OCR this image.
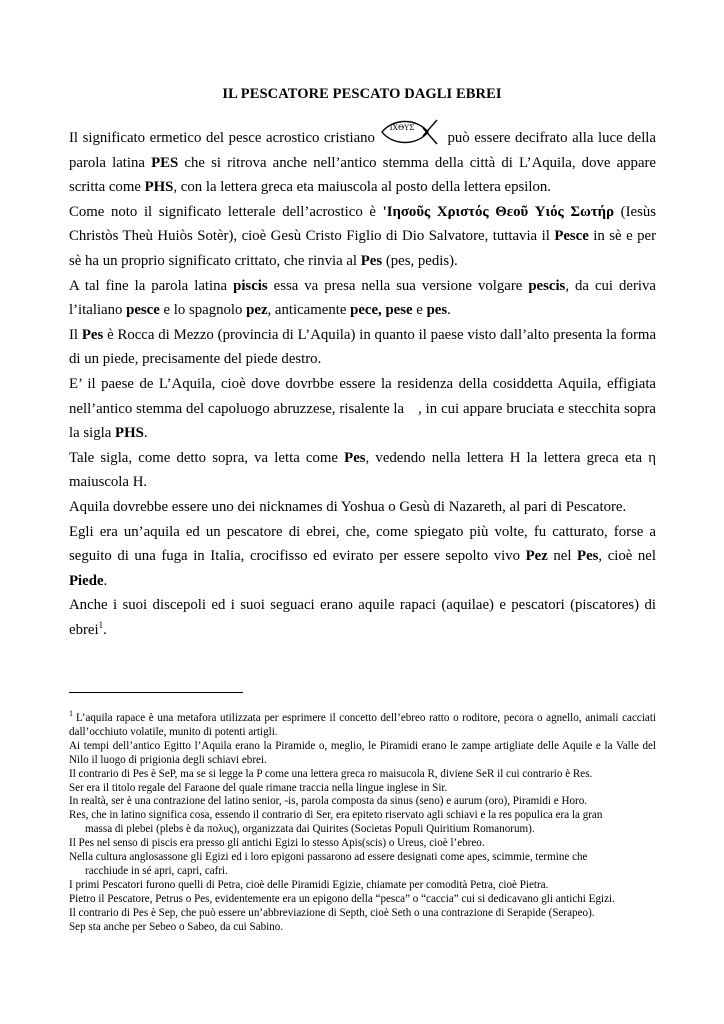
IL PESCATORE PESCATO DAGLI EBREI

Il significato ermetico del pesce acrostico cristiano
IXΘYΣ
può essere decifrato alla luce della parola latina PES che si ritrova anche nell’antico stemma della città di L’Aquila, dove appare scritta come PHS, con la lettera greca eta maiuscola al posto della lettera epsilon.

Come noto il significato letterale dell’acrostico è 'Iησοῦς Xριστός Θεοῦ Yιός Σωτήρ (Iesùs Christòs Theù Huiòs Sotèr), cioè Gesù Cristo Figlio di Dio Salvatore, tuttavia il Pesce in sè e per sè ha un proprio significato crittato, che rinvia al Pes (pes, pedis).

A tal fine la parola latina piscis essa va presa nella sua versione volgare pescis, da cui deriva l’italiano pesce e lo spagnolo pez, anticamente pece, pese e pes.

Il Pes è Rocca di Mezzo (provincia di L’Aquila) in quanto il paese visto dall’alto presenta la forma di un piede, precisamente del piede destro.

E’ il paese de L’Aquila, cioè dove dovrbbe essere la residenza della cosiddetta Aquila, effigiata nell’antico stemma del capoluogo abruzzese, risalente la , in cui appare bruciata e stecchita sopra la sigla PHS.

Tale sigla, come detto sopra, va letta come Pes, vedendo nella lettera H la lettera greca eta η maiuscola H.

Aquila dovrebbe essere uno dei nicknames di Yoshua o Gesù di Nazareth, al pari di Pescatore.

Egli era un’aquila ed un pescatore di ebrei, che, come spiegato più volte, fu catturato, forse a seguito di una fuga in Italia, crocifisso ed evirato per essere sepolto vivo Pez nel Pes, cioè nel Piede.

Anche i suoi discepoli ed i suoi seguaci erano aquile rapaci (aquilae) e pescatori (piscatores) di ebrei$^1$.

$^1$ L’aquila rapace è una metafora utilizzata per esprimere il concetto dell’ebreo ratto o roditore, pecora o agnello, animali cacciati dall’occhiuto volatile, munito di potenti artigli.

Ai tempi dell’antico Egitto l’Aquila erano la Piramide o, meglio, le Piramidi erano le zampe artigliate delle Aquile e la Valle del Nilo il luogo di prigionia degli schiavi ebrei.

Il contrario di Pes è SeP, ma se si legge la P come una lettera greca ro maisucola R, diviene SeR il cui contrario è Res.

Ser era il titolo regale del Faraone del quale rimane traccia nella lingue inglese in Sir.

In realtà, ser è una contrazione del latino senior, -is, parola composta da sinus (seno) e aurum (oro), Piramidi e Horo.

Res, che in latino significa cosa, essendo il contrario di Ser, era epiteto riservato agli schiavi e la res populica era la gran

massa di plebei (plebs è da πολυς), organizzata dai Quirites (Societas Populi Quiritium Romanorum).

Il Pes nel senso di piscis era presso gli antichi Egizi lo stesso Apis(scis) o Ureus, cioè l’ebreo.

Nella cultura anglosassone gli Egizi ed i loro epigoni passarono ad essere designati come apes, scimmie, termine che

racchiude in sé apri, capri, cafri.

I primi Pescatori furono quelli di Petra, cioè delle Piramidi Egizie, chiamate per comodità Petra, cioè Pietra.

Pietro il Pescatore, Petrus o Pes, evidentemente era un epigono della “pesca” o “caccia” cui si dedicavano gli antichi Egizi.

Il contrario di Pes è Sep, che può essere un’abbreviazione di Septh, cioè Seth o una contrazione di Serapide (Serapeo).

Sep sta anche per Sebeo o Sabeo, da cui Sabino.
